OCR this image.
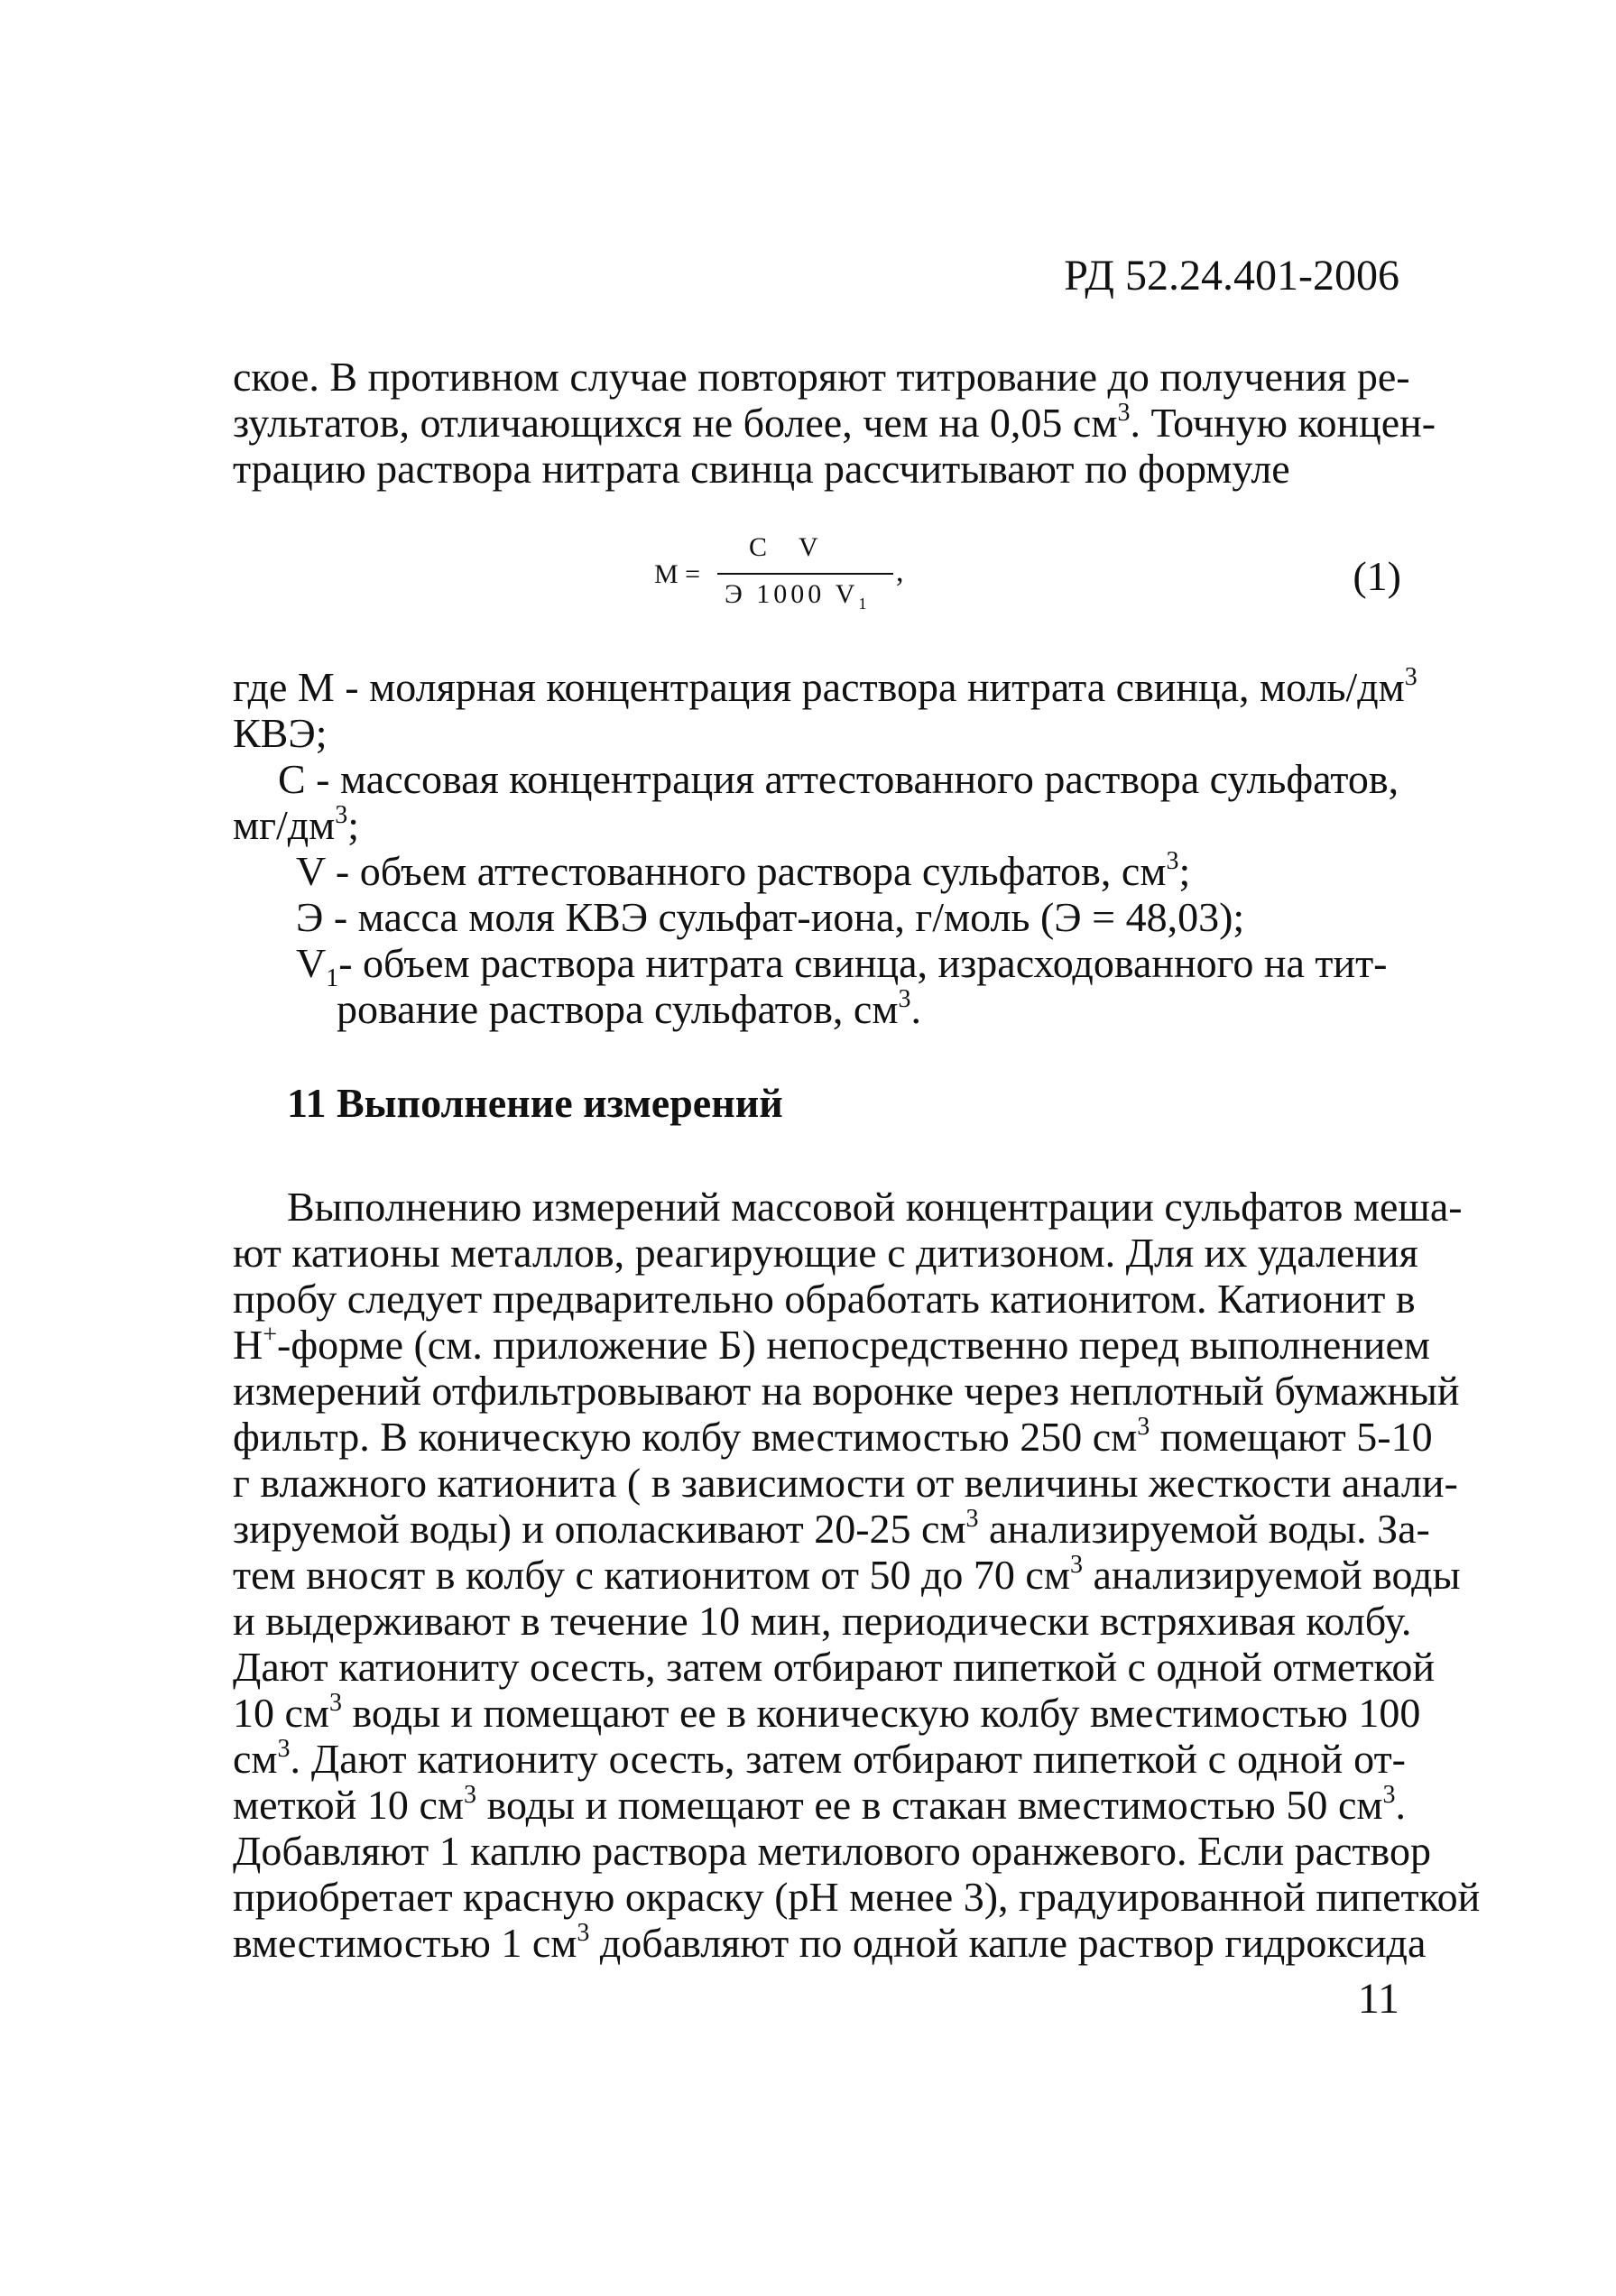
РД 52.24.401-2006
ское. В противном случае повторяют титрование до получения ре-
зультатов, отличающихся не более, чем на 0,05 $см^3$. Точную концен-
трацию раствора нитрата свинца рассчитывают по формуле
M =
C V
Э 1000 $V_1$
,	(1)
где М - молярная концентрация раствора нитрата свинца, моль/$дм^3$
КВЭ;
С - массовая концентрация аттестованного раствора сульфатов,
$мг/дм^3$;
V - объем аттестованного раствора сульфатов, $см^3$;
Э - масса моля КВЭ сульфат-иона, г/моль (Э = 48,03);
$V_1-$ объем раствора нитрата свинца, израсходованного на тит-
рование раствора сульфатов, $см^3$.
11 Выполнение измерений
Выполнению измерений массовой концентрации сульфатов меша-
ют катионы металлов, реагирующие с дитизоном. Для их удаления
пробу следует предварительно обработать катионитом. Катионит в
H+-форме (см. приложение Б) непосредственно перед выполнением
измерений отфильтровывают на воронке через неплотный бумажный
фильтр. В коническую колбу вместимостью 250 $см^3$ помещают 5-10
г влажного катионита ( в зависимости от величины жесткости анали-
зируемой воды) и ополаскивают 20-25 $см^3$ анализируемой воды. За-
тем вносят в колбу с катионитом от 50 до 70 $см^3$ анализируемой воды
и выдерживают в течение 10 мин, периодически встряхивая колбу.
Дают катиониту осесть, затем отбирают пипеткой с одной отметкой
10 $см^3$ воды и помещают ее в коническую колбу вместимостью 100
$см^3$. Дают катиониту осесть, затем отбирают пипеткой с одной от-
меткой 10 $см^3$ воды и помещают ее в стакан вместимостью 50 $см^3$.
Добавляют 1 каплю раствора метилового оранжевого. Если раствор
приобретает красную окраску (pH менее 3), градуированной пипеткой
вместимостью 1 $см^3$ добавляют по одной капле раствор гидроксида
11
